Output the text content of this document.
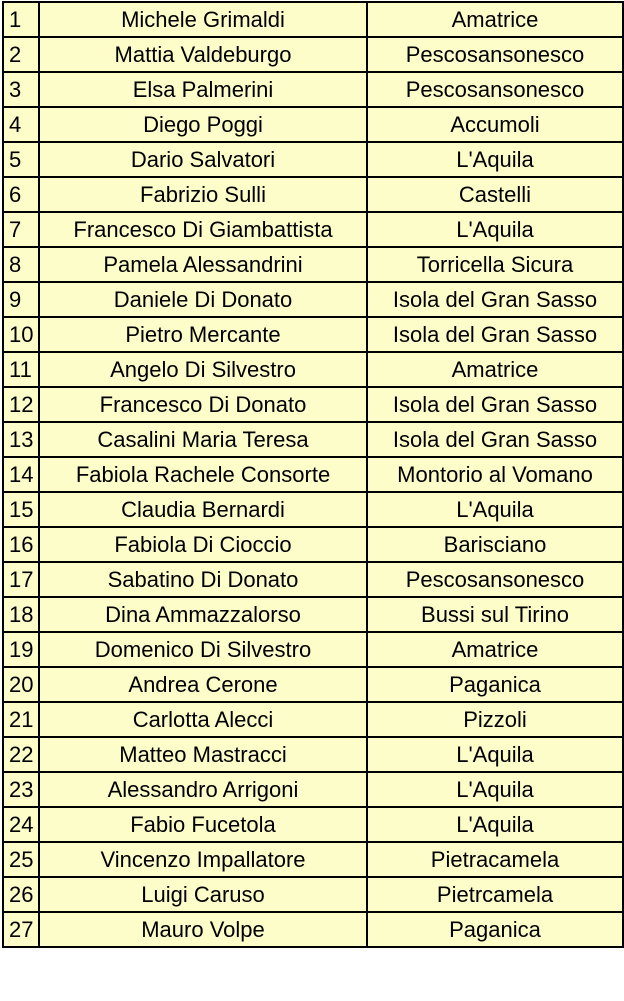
1	Michele Grimaldi	Amatrice
2	Mattia Valdeburgo	Pescosansonesco
3	Elsa Palmerini	Pescosansonesco
4	Diego Poggi	Accumoli
5	Dario Salvatori	L'Aquila
6	Fabrizio Sulli	Castelli
7	Francesco Di Giambattista	L'Aquila
8	Pamela Alessandrini	Torricella Sicura
9	Daniele Di Donato	Isola del Gran Sasso
10	Pietro Mercante	Isola del Gran Sasso
11	Angelo Di Silvestro	Amatrice
12	Francesco Di Donato	Isola del Gran Sasso
13	Casalini Maria Teresa	Isola del Gran Sasso
14	Fabiola Rachele Consorte	Montorio al Vomano
15	Claudia Bernardi	L'Aquila
16	Fabiola Di Cioccio	Barisciano
17	Sabatino Di Donato	Pescosansonesco
18	Dina Ammazzalorso	Bussi sul Tirino
19	Domenico Di Silvestro	Amatrice
20	Andrea Cerone	Paganica
21	Carlotta Alecci	Pizzoli
22	Matteo Mastracci	L'Aquila
23	Alessandro Arrigoni	L'Aquila
24	Fabio Fucetola	L'Aquila
25	Vincenzo Impallatore	Pietracamela
26	Luigi Caruso	Pietrcamela
27	Mauro Volpe	Paganica
